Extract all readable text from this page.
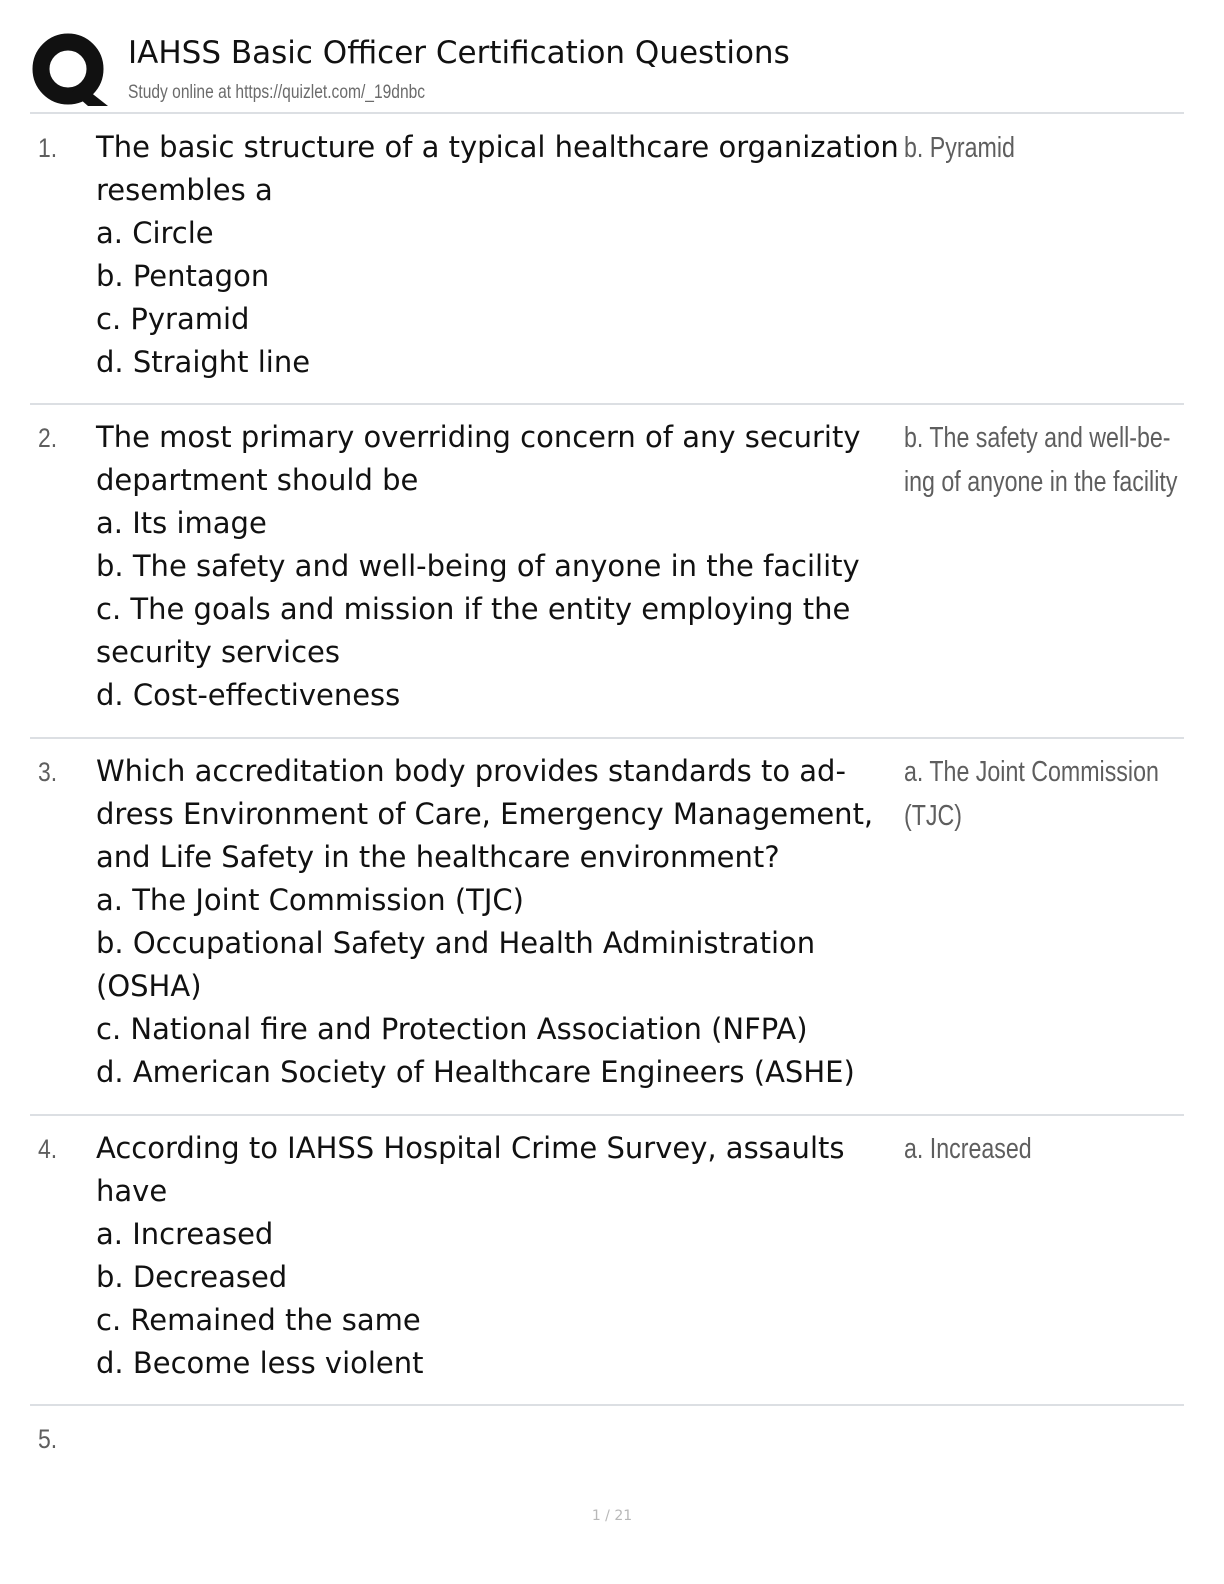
IAHSS Basic Officer Certification Questions
Study online at https://quizlet.com/_19dnbc
1. The basic structure of a typical healthcare organization
resembles a
a. Circle
b. Pentagon
c. Pyramid
d. Straight line
b. Pyramid
2. The most primary overriding concern of any security
department should be
a. Its image
b. The safety and well-being of anyone in the facility
c. The goals and mission if the entity employing the
security services
d. Cost-effectiveness
b. The safety and well-be-
ing of anyone in the facility
3. Which accreditation body provides standards to ad-
dress Environment of Care, Emergency Management,
and Life Safety in the healthcare environment?
a. The Joint Commission (TJC)
b. Occupational Safety and Health Administration
(OSHA)
c. National fire and Protection Association (NFPA)
d. American Society of Healthcare Engineers (ASHE)
a. The Joint Commission
(TJC)
4. According to IAHSS Hospital Crime Survey, assaults
have
a. Increased
b. Decreased
c. Remained the same
d. Become less violent
a. Increased
5.
1 / 21
